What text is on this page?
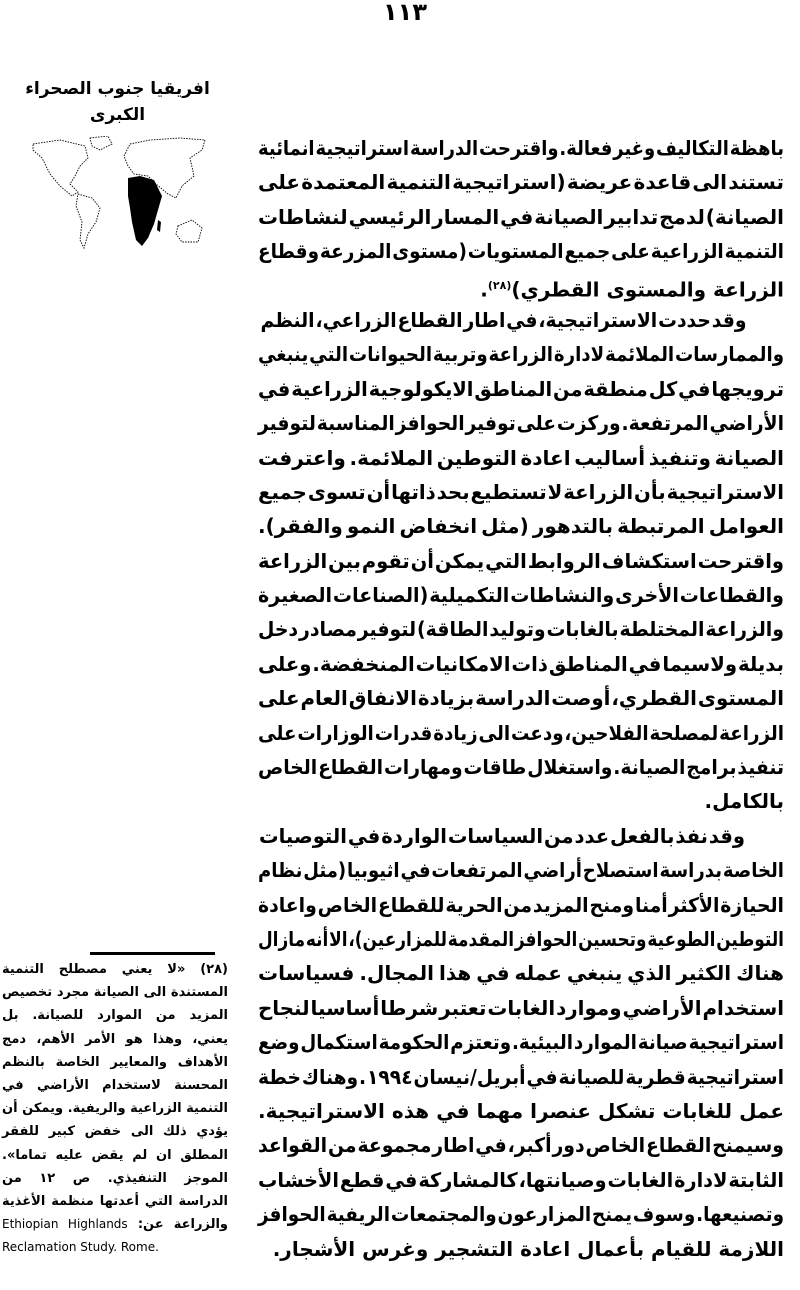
١١٣
افريقيا جنوب الصحراء
الكبرى
باهظة التكاليف وغير فعالة. واقترحت الدراسة استراتيجية انمائية
تستند الى قاعدة عريضة (استراتيجية التنمية المعتمدة على
الصيانة) لدمج تدابير الصيانة في المسار الرئيسي لنشاطات
التنمية الزراعية على جميع المستويات (مستوى المزرعة وقطاع
الزراعة والمستوى القطري)$^{(٢٨)}$.
وقد حددت الاستراتيجية، في اطار القطاع الزراعي، النظم
والممارسات الملائمة لادارة الزراعة وتربية الحيوانات التي ينبغي
ترويجها في كل منطقة من المناطق الايكولوجية الزراعية في
الأراضي المرتفعة. وركزت على توفير الحوافز المناسبة لتوفير
الصيانة وتنفيذ أساليب اعادة التوطين الملائمة. واعترفت
الاستراتيجية بأن الزراعة لا تستطيع بحد ذاتها أن تسوى جميع
العوامل المرتبطة بالتدهور (مثل انخفاض النمو والفقر).
واقترحت استكشاف الروابط التي يمكن أن تقوم بين الزراعة
والقطاعات الأخرى والنشاطات التكميلية (الصناعات الصغيرة
والزراعة المختلطة بالغابات وتوليد الطاقة) لتوفير مصادر دخل
بديلة ولاسيما في المناطق ذات الامكانيات المنخفضة. وعلى
المستوى القطري، أوصت الدراسة بزيادة الانفاق العام على
الزراعة لمصلحة الفلاحين، ودعت الى زيادة قدرات الوزارات على
تنفيذ برامج الصيانة. واستغلال طاقات ومهارات القطاع الخاص
بالكامل.
وقد نفذ بالفعل عدد من السياسات الواردة في التوصيات
الخاصة بدراسة استصلاح أراضي المرتفعات في اثيوبيا (مثل نظام
الحيازة الأكثر أمنا ومنح المزيد من الحرية للقطاع الخاص واعادة
التوطين الطوعية وتحسين الحوافز المقدمة للمزارعين)، الا أنه مازال
هناك الكثير الذي ينبغي عمله في هذا المجال. فسياسات
استخدام الأراضي وموارد الغابات تعتبر شرطا أساسيا لنجاح
استراتيجية صيانة الموارد البيئية. وتعتزم الحكومة استكمال وضع
استراتيجية قطرية للصيانة في أبريل/نيسان ١٩٩٤ . وهناك خطة
عمل للغابات تشكل عنصرا مهما في هذه الاستراتيجية.
وسيمنح القطاع الخاص دور أكبر، في اطار مجموعة من القواعد
الثابتة لادارة الغابات وصيانتها، كالمشاركة في قطع الأخشاب
وتصنيعها. وسوف يمنح المزارعون والمجتمعات الريفية الحوافز
اللازمة للقيام بأعمال اعادة التشجير وغرس الأشجار.
(٢٨) «لا يعني مصطلح التنمية
المستندة الى الصيانة مجرد تخصيص
المزيد من الموارد للصيانة. بل
يعني، وهذا هو الأمر الأهم، دمج
الأهداف والمعايير الخاصة بالنظم
المحسنة لاستخدام الأراضي في
التنمية الزراعية والريفية. ويمكن أن
يؤدي ذلك الى خفض كبير للفقر
المطلق ان لم يقض عليه تماما».
الموجز التنفيذي. ص ١٢ من
الدراسة التي أعدتها منظمة الأغذية
والزراعة عن: Ethiopian Highlands
Reclamation Study. Rome.
